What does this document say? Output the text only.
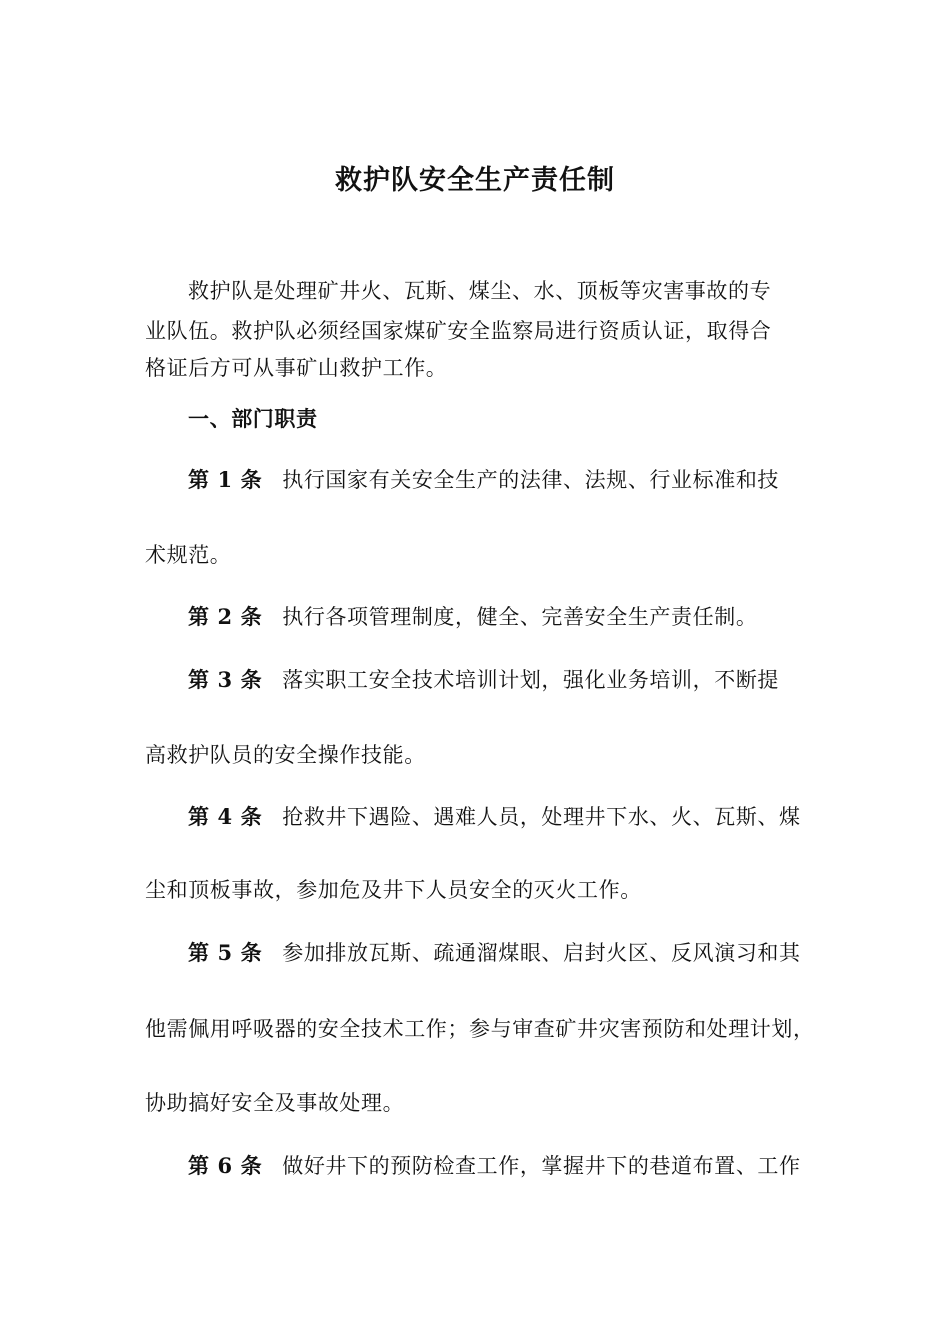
救护队安全生产责任制
救护队是处理矿井火、瓦斯、煤尘、水、顶板等灾害事故的专
业队伍。救护队必须经国家煤矿安全监察局进行资质认证，取得合
格证后方可从事矿山救护工作。
一、部门职责
第 1 条 执行国家有关安全生产的法律、法规、行业标准和技
术规范。
第 2 条 执行各项管理制度，健全、完善安全生产责任制。
第 3 条 落实职工安全技术培训计划，强化业务培训，不断提
高救护队员的安全操作技能。
第 4 条 抢救井下遇险、遇难人员，处理井下水、火、瓦斯、煤
尘和顶板事故，参加危及井下人员安全的灭火工作。
第 5 条 参加排放瓦斯、疏通溜煤眼、启封火区、反风演习和其
他需佩用呼吸器的安全技术工作；参与审查矿井灾害预防和处理计划，
协助搞好安全及事故处理。
第 6 条 做好井下的预防检查工作，掌握井下的巷道布置、工作
